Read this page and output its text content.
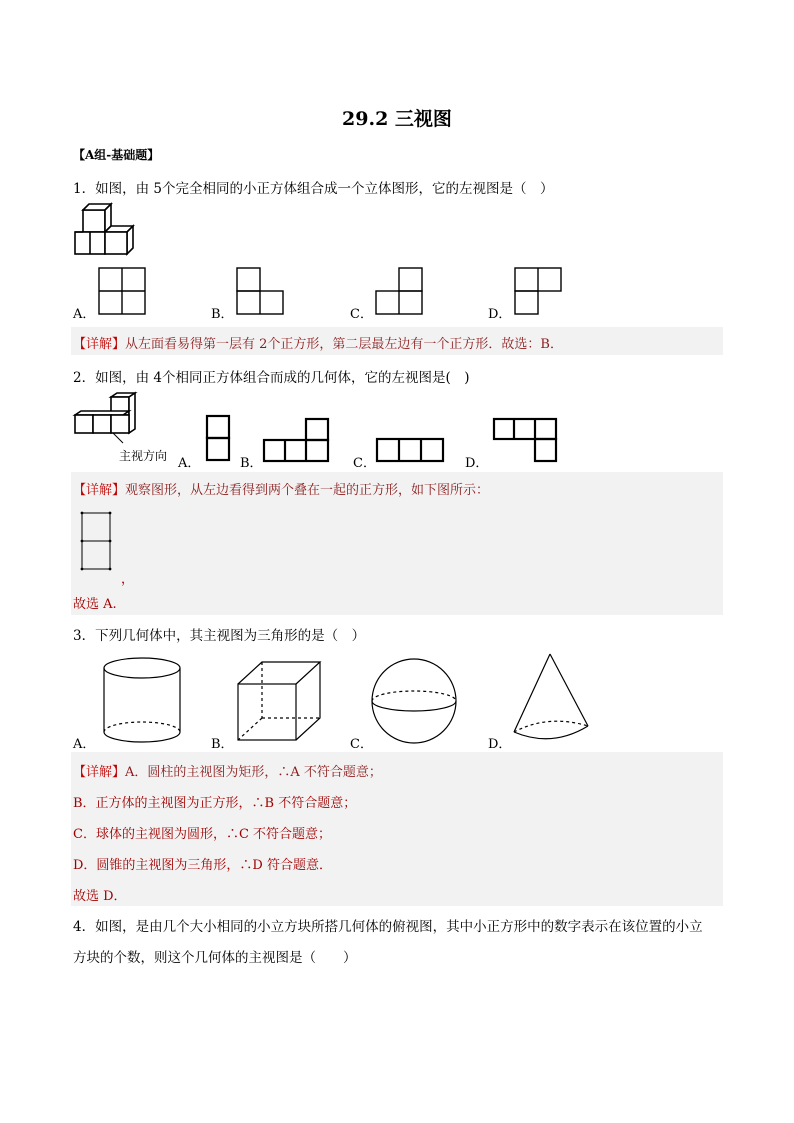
29.2 三视图
【A组-基础题】
1．如图，由 5个完全相同的小正方体组合成一个立体图形，它的左视图是（　）
A．	B．	C．	D．
【详解】从左面看易得第一层有 2个正方形，第二层最左边有一个正方形．故选：B．
2．如图，由 4个相同正方体组合而成的几何体，它的左视图是(　)
主视方向 A．	B．	C．	D．
【详解】观察图形，从左边看得到两个叠在一起的正方形，如下图所示：
，
故选 A.
3．下列几何体中，其主视图为三角形的是（　）
A．	B．	C．	D．
【详解】A．圆柱的主视图为矩形，∴A 不符合题意；
B．正方体的主视图为正方形，∴B 不符合题意；
C．球体的主视图为圆形，∴C 不符合题意；
D．圆锥的主视图为三角形，∴D 符合题意．
故选 D．
4．如图，是由几个大小相同的小立方块所搭几何体的俯视图，其中小正方形中的数字表示在该位置的小立
方块的个数，则这个几何体的主视图是（　　）
